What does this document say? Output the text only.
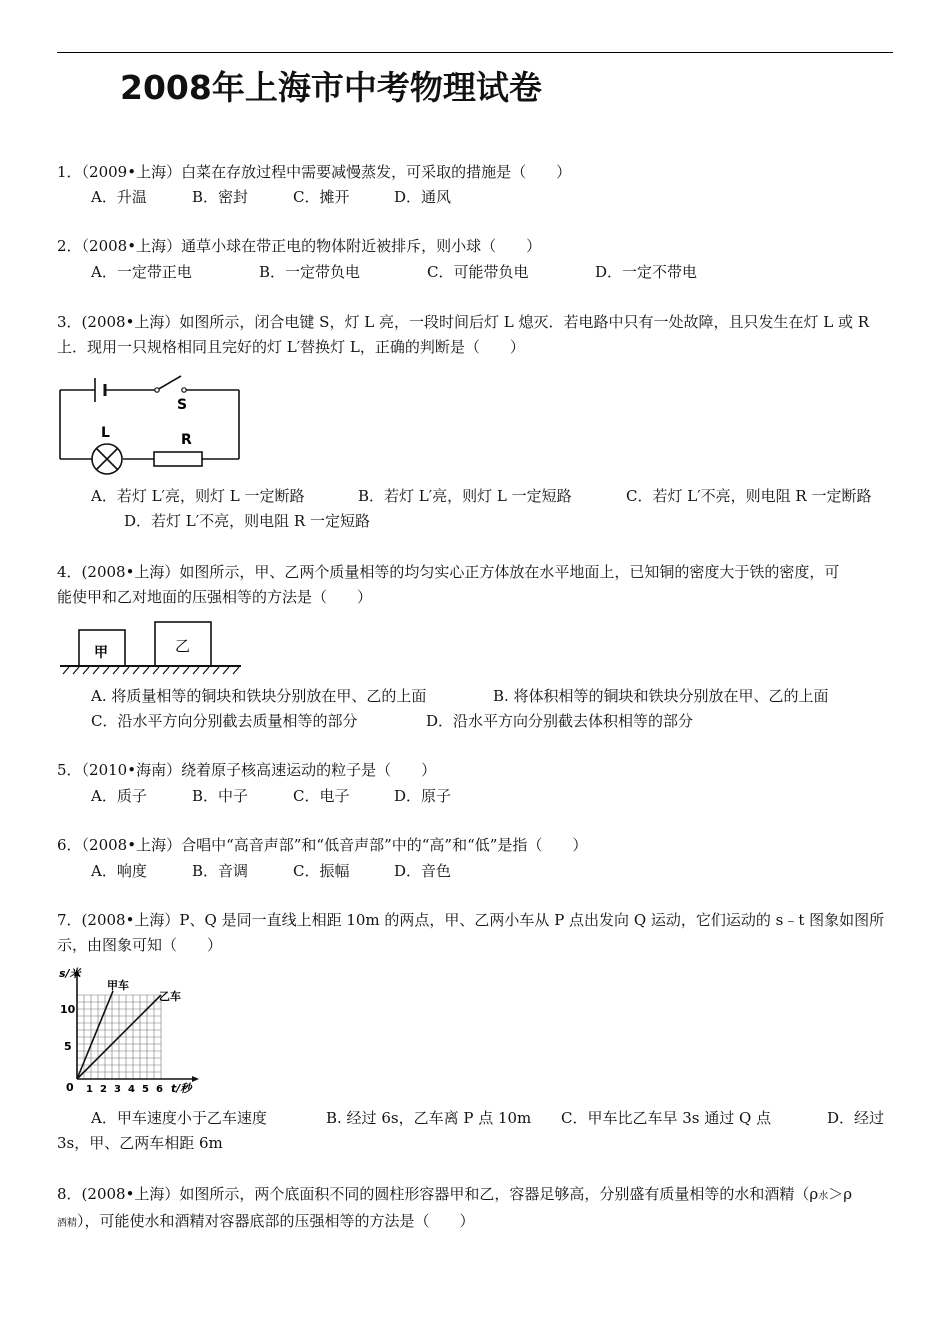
2008年上海市中考物理试卷
1．（2009•上海）白菜在存放过程中需要减慢蒸发，可采取的措施是（　　）
A．升温	B．密封	C．摊开	D．通风
2．（2008•上海）通草小球在带正电的物体附近被排斥，则小球（　　）
A．一定带正电	B．一定带负电	C．可能带负电	D．一定不带电
3．(2008•上海）如图所示，闭合电键 S，灯 L 亮，一段时间后灯 L 熄灭．若电路中只有一处故障，且只发生在灯 L 或 R
上．现用一只规格相同且完好的灯 L′替换灯 L，正确的判断是（　　）
S
L	R
A．若灯 L′亮，则灯 L 一定断路	B．若灯 L′亮，则灯 L 一定短路	C．若灯 L′不亮，则电阻 R 一定断路
D．若灯 L′不亮，则电阻 R 一定短路
4．(2008•上海）如图所示，甲、乙两个质量相等的均匀实心正方体放在水平地面上，已知铜的密度大于铁的密度，可
能使甲和乙对地面的压强相等的方法是（　　）
甲	乙
A. 将质量相等的铜块和铁块分别放在甲、乙的上面	B. 将体积相等的铜块和铁块分别放在甲、乙的上面
C．沿水平方向分别截去质量相等的部分	D．沿水平方向分别截去体积相等的部分
5．（2010•海南）绕着原子核高速运动的粒子是（　　）
A．质子	B．中子	C．电子	D．原子
6．（2008•上海）合唱中“高音声部”和“低音声部”中的“高”和“低”是指（　　）
A．响度	B．音调	C．振幅	D．音色
7．(2008•上海）P、Q 是同一直线上相距 10m 的两点，甲、乙两小车从 P 点出发向 Q 运动，它们运动的 s﹣t 图象如图所
示，由图象可知（　　）
s/米
t/秒
10
5
0 1 2 3 4 5 6
甲车
乙车
A．甲车速度小于乙车速度	B. 经过 6s，乙车离 P 点 10m C．甲车比乙车早 3s 通过 Q 点	D．经过
3s，甲、乙两车相距 6m
8．(2008•上海）如图所示，两个底面积不同的圆柱形容器甲和乙，容器足够高，分别盛有质量相等的水和酒精（ρ水＞ρ
酒精），可能使水和酒精对容器底部的压强相等的方法是（　　）
